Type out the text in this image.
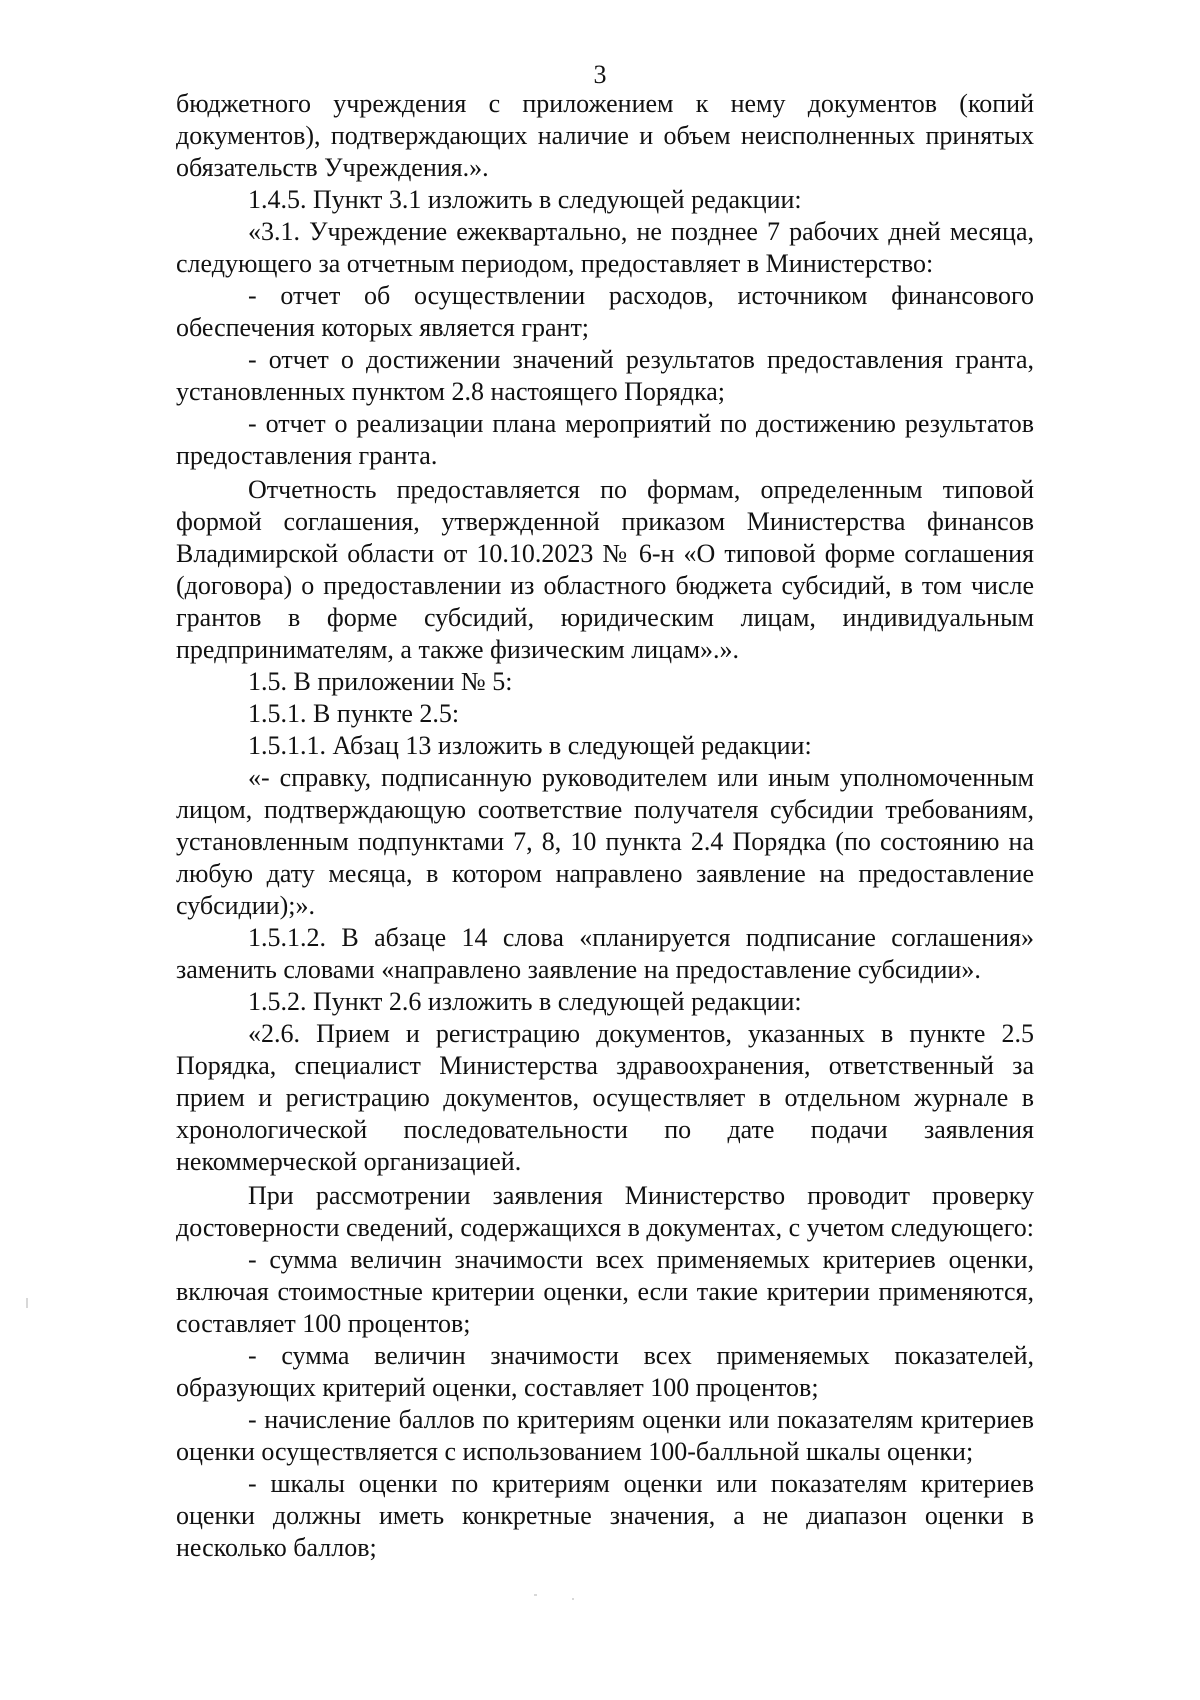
3

бюджетного учреждения с приложением к нему документов (копий документов), подтверждающих наличие и объем неисполненных принятых обязательств Учреждения.».

1.4.5. Пункт 3.1 изложить в следующей редакции:

«3.1. Учреждение ежеквартально, не позднее 7 рабочих дней месяца, следующего за отчетным периодом, предоставляет в Министерство:

- отчет об осуществлении расходов, источником финансового обеспечения которых является грант;

- отчет о достижении значений результатов предоставления гранта, установленных пунктом 2.8 настоящего Порядка;

- отчет о реализации плана мероприятий по достижению результатов предоставления гранта.

Отчетность предоставляется по формам, определенным типовой формой соглашения, утвержденной приказом Министерства финансов Владимирской области от 10.10.2023 № 6-н «О типовой форме соглашения (договора) о предоставлении из областного бюджета субсидий, в том числе грантов в форме субсидий, юридическим лицам, индивидуальным предпринимателям, а также физическим лицам».».

1.5. В приложении № 5:

1.5.1. В пункте 2.5:

1.5.1.1. Абзац 13 изложить в следующей редакции:

«- справку, подписанную руководителем или иным уполномоченным лицом, подтверждающую соответствие получателя субсидии требованиям, установленным подпунктами 7, 8, 10 пункта 2.4 Порядка (по состоянию на любую дату месяца, в котором направлено заявление на предоставление субсидии);».

1.5.1.2. В абзаце 14 слова «планируется подписание соглашения» заменить словами «направлено заявление на предоставление субсидии».

1.5.2. Пункт 2.6 изложить в следующей редакции:

«2.6. Прием и регистрацию документов, указанных в пункте 2.5 Порядка, специалист Министерства здравоохранения, ответственный за прием и регистрацию документов, осуществляет в отдельном журнале в хронологической последовательности по дате подачи заявления некоммерческой организацией.

При рассмотрении заявления Министерство проводит проверку достоверности сведений, содержащихся в документах, с учетом следующего:

- сумма величин значимости всех применяемых критериев оценки, включая стоимостные критерии оценки, если такие критерии применяются, составляет 100 процентов;

- сумма величин значимости всех применяемых показателей, образующих критерий оценки, составляет 100 процентов;

- начисление баллов по критериям оценки или показателям критериев оценки осуществляется с использованием 100-балльной шкалы оценки;

- шкалы оценки по критериям оценки или показателям критериев оценки должны иметь конкретные значения, а не диапазон оценки в несколько баллов;
